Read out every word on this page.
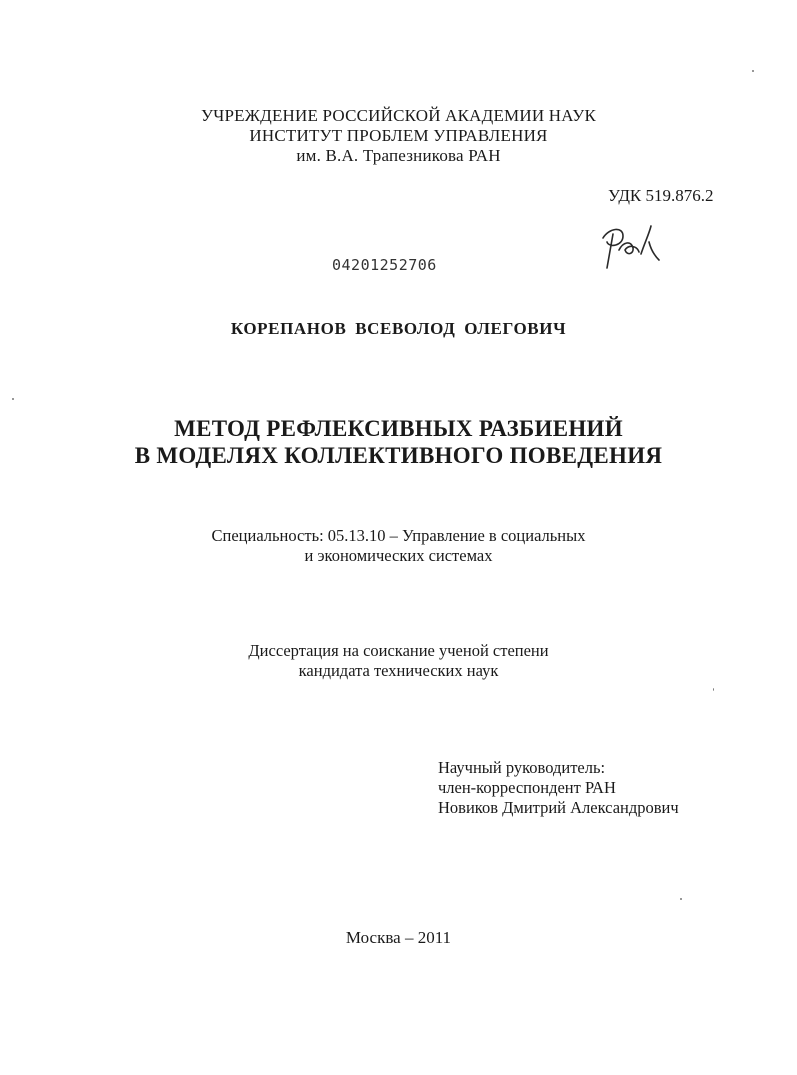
УЧРЕЖДЕНИЕ РОССИЙСКОЙ АКАДЕМИИ НАУК
ИНСТИТУТ ПРОБЛЕМ УПРАВЛЕНИЯ
им. В.А. Трапезникова РАН
УДК 519.876.2
04201252706
КОРЕПАНОВ ВСЕВОЛОД ОЛЕГОВИЧ
МЕТОД РЕФЛЕКСИВНЫХ РАЗБИЕНИЙ
В МОДЕЛЯХ КОЛЛЕКТИВНОГО ПОВЕДЕНИЯ
Специальность: 05.13.10 – Управление в социальных
и экономических системах
Диссертация на соискание ученой степени
кандидата технических наук
Научный руководитель:
член-корреспондент РАН
Новиков Дмитрий Александрович
Москва – 2011
